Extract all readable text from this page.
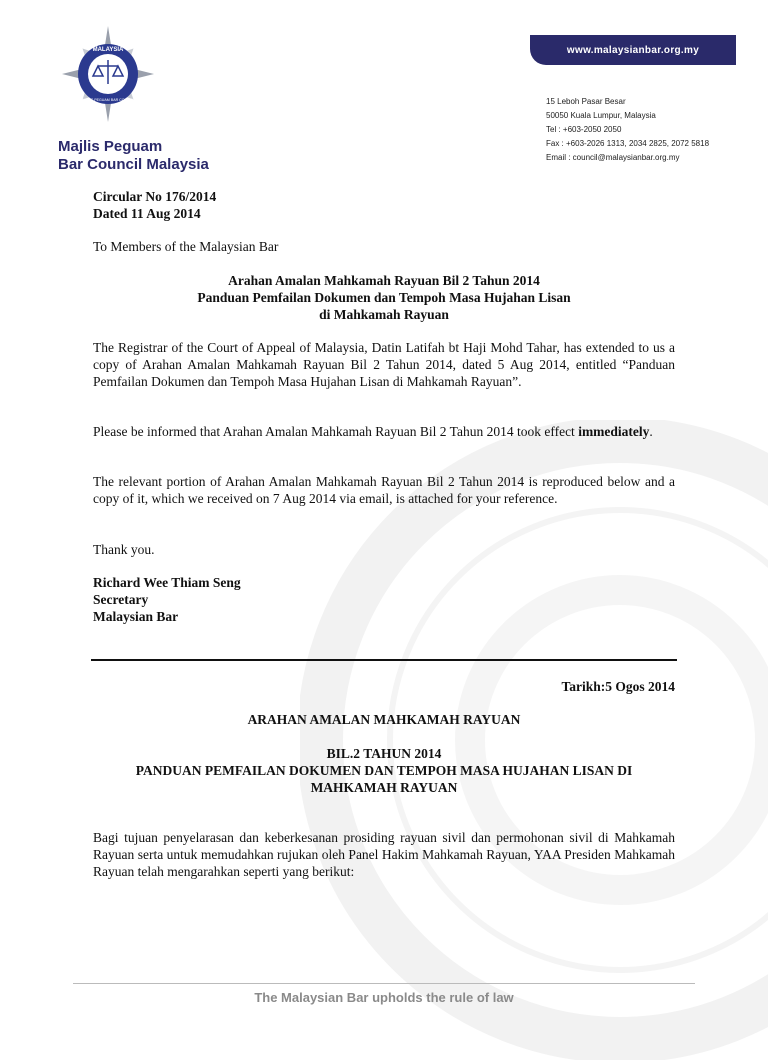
MALAYSIA
MAJLIS PEGUAM BAR COUNCIL
Majlis Peguam
Bar Council Malaysia
www.malaysianbar.org.my
15 Leboh Pasar Besar
50050 Kuala Lumpur, Malaysia
Tel : +603-2050 2050
Fax : +603-2026 1313, 2034 2825, 2072 5818
Email : council@malaysianbar.org.my

Circular No 176/2014

Dated 11 Aug 2014

To Members of the Malaysian Bar

Arahan Amalan Mahkamah Rayuan Bil 2 Tahun 2014

Panduan Pemfailan Dokumen dan Tempoh Masa Hujahan Lisan

di Mahkamah Rayuan

The Registrar of the Court of Appeal of Malaysia, Datin Latifah bt Haji Mohd Tahar, has extended to us a copy of Arahan Amalan Mahkamah Rayuan Bil 2 Tahun 2014, dated 5 Aug 2014, entitled “Panduan Pemfailan Dokumen dan Tempoh Masa Hujahan Lisan di Mahkamah Rayuan”.

Please be informed that Arahan Amalan Mahkamah Rayuan Bil 2 Tahun 2014 took effect immediately.

The relevant portion of Arahan Amalan Mahkamah Rayuan Bil 2 Tahun 2014 is reproduced below and a copy of it, which we received on 7 Aug 2014 via email, is attached for your reference.

Thank you.

Richard Wee Thiam Seng

Secretary

Malaysian Bar

Tarikh:5 Ogos 2014

ARAHAN AMALAN MAHKAMAH RAYUAN

BIL.2 TAHUN 2014

PANDUAN PEMFAILAN DOKUMEN DAN TEMPOH MASA HUJAHAN LISAN DI

MAHKAMAH RAYUAN

Bagi tujuan penyelarasan dan keberkesanan prosiding rayuan sivil dan permohonan sivil di Mahkamah Rayuan serta untuk memudahkan rujukan oleh Panel Hakim Mahkamah Rayuan, YAA Presiden Mahkamah Rayuan telah mengarahkan seperti yang berikut:

The Malaysian Bar upholds the rule of law
